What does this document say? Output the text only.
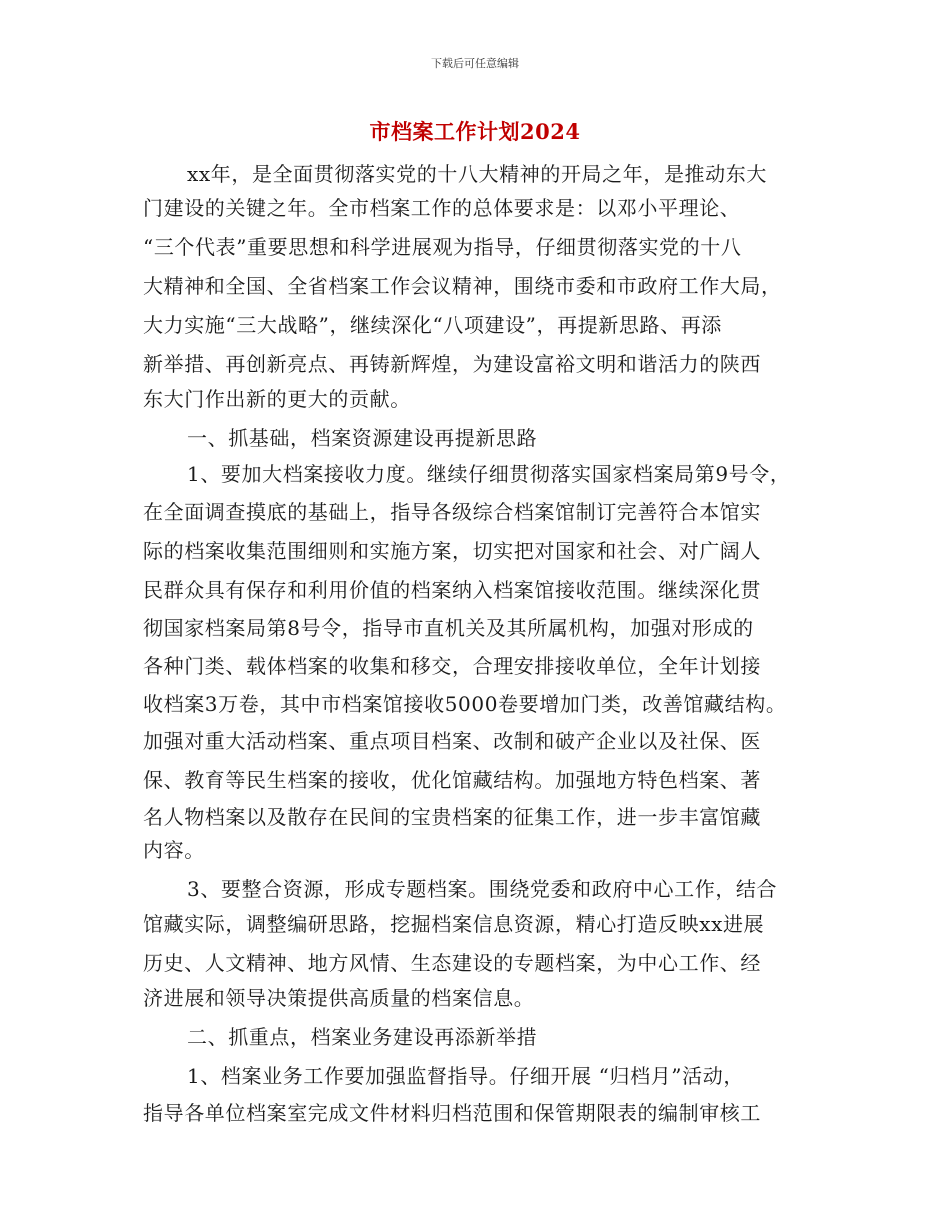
下载后可任意编辑
市档案工作计划2024
xx年，是全面贯彻落实党的十八大精神的开局之年，是推动东大
门建设的关键之年。全市档案工作的总体要求是：以邓小平理论、
“三个代表”重要思想和科学进展观为指导，仔细贯彻落实党的十八
大精神和全国、全省档案工作会议精神，围绕市委和市政府工作大局，
大力实施“三大战略”，继续深化“八项建设”，再提新思路、再添
新举措、再创新亮点、再铸新辉煌，为建设富裕文明和谐活力的陕西
东大门作出新的更大的贡献。
一、抓基础，档案资源建设再提新思路
1、要加大档案接收力度。继续仔细贯彻落实国家档案局第9号令，
在全面调查摸底的基础上，指导各级综合档案馆制订完善符合本馆实
际的档案收集范围细则和实施方案，切实把对国家和社会、对广阔人
民群众具有保存和利用价值的档案纳入档案馆接收范围。继续深化贯
彻国家档案局第8号令，指导市直机关及其所属机构，加强对形成的
各种门类、载体档案的收集和移交，合理安排接收单位，全年计划接
收档案3万卷，其中市档案馆接收5000卷要增加门类，改善馆藏结构。
加强对重大活动档案、重点项目档案、改制和破产企业以及社保、医
保、教育等民生档案的接收，优化馆藏结构。加强地方特色档案、著
名人物档案以及散存在民间的宝贵档案的征集工作，进一步丰富馆藏
内容。
3、要整合资源，形成专题档案。围绕党委和政府中心工作，结合
馆藏实际，调整编研思路，挖掘档案信息资源，精心打造反映xx进展
历史、人文精神、地方风情、生态建设的专题档案，为中心工作、经
济进展和领导决策提供高质量的档案信息。
二、抓重点，档案业务建设再添新举措
1、档案业务工作要加强监督指导。仔细开展 “归档月”活动，
指导各单位档案室完成文件材料归档范围和保管期限表的编制审核工
